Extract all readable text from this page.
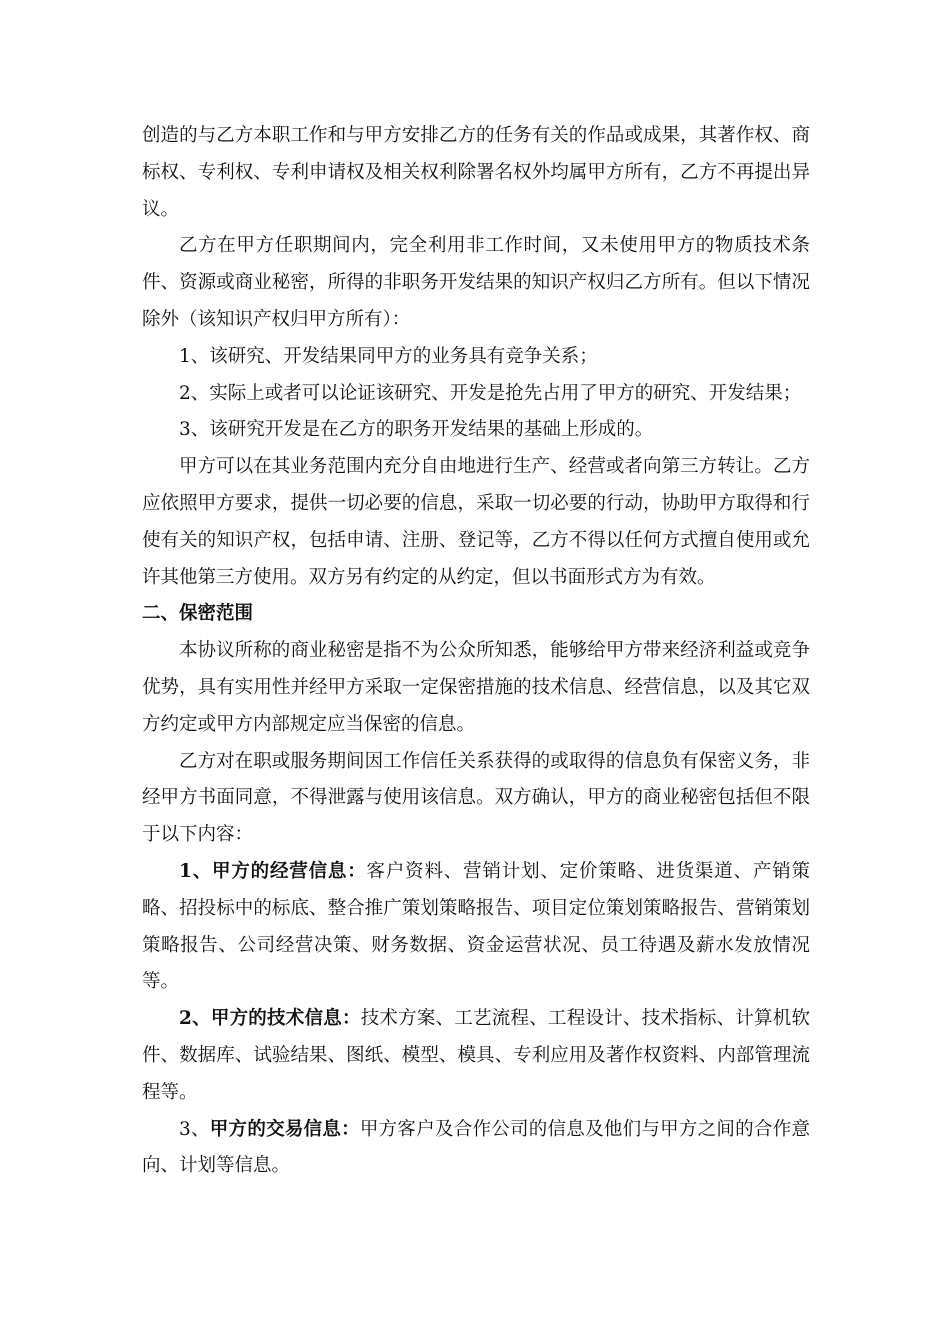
创造的与乙方本职工作和与甲方安排乙方的任务有关的作品或成果，其著作权、商标权、专利权、专利申请权及相关权利除署名权外均属甲方所有，乙方不再提出异议。

乙方在甲方任职期间内，完全利用非工作时间，又未使用甲方的物质技术条件、资源或商业秘密，所得的非职务开发结果的知识产权归乙方所有。但以下情况除外（该知识产权归甲方所有）：

1、该研究、开发结果同甲方的业务具有竞争关系；

2、实际上或者可以论证该研究、开发是抢先占用了甲方的研究、开发结果；

3、该研究开发是在乙方的职务开发结果的基础上形成的。

甲方可以在其业务范围内充分自由地进行生产、经营或者向第三方转让。乙方应依照甲方要求，提供一切必要的信息，采取一切必要的行动，协助甲方取得和行使有关的知识产权，包括申请、注册、登记等，乙方不得以任何方式擅自使用或允许其他第三方使用。双方另有约定的从约定，但以书面形式方为有效。

二、保密范围

本协议所称的商业秘密是指不为公众所知悉，能够给甲方带来经济利益或竞争优势，具有实用性并经甲方采取一定保密措施的技术信息、经营信息，以及其它双方约定或甲方内部规定应当保密的信息。

乙方对在职或服务期间因工作信任关系获得的或取得的信息负有保密义务，非经甲方书面同意，不得泄露与使用该信息。双方确认，甲方的商业秘密包括但不限于以下内容：

1、甲方的经营信息：客户资料、营销计划、定价策略、进货渠道、产销策略、招投标中的标底、整合推广策划策略报告、项目定位策划策略报告、营销策划策略报告、公司经营决策、财务数据、资金运营状况、员工待遇及薪水发放情况等。

2、甲方的技术信息：技术方案、工艺流程、工程设计、技术指标、计算机软件、数据库、试验结果、图纸、模型、模具、专利应用及著作权资料、内部管理流程等。

3、甲方的交易信息：甲方客户及合作公司的信息及他们与甲方之间的合作意向、计划等信息。
